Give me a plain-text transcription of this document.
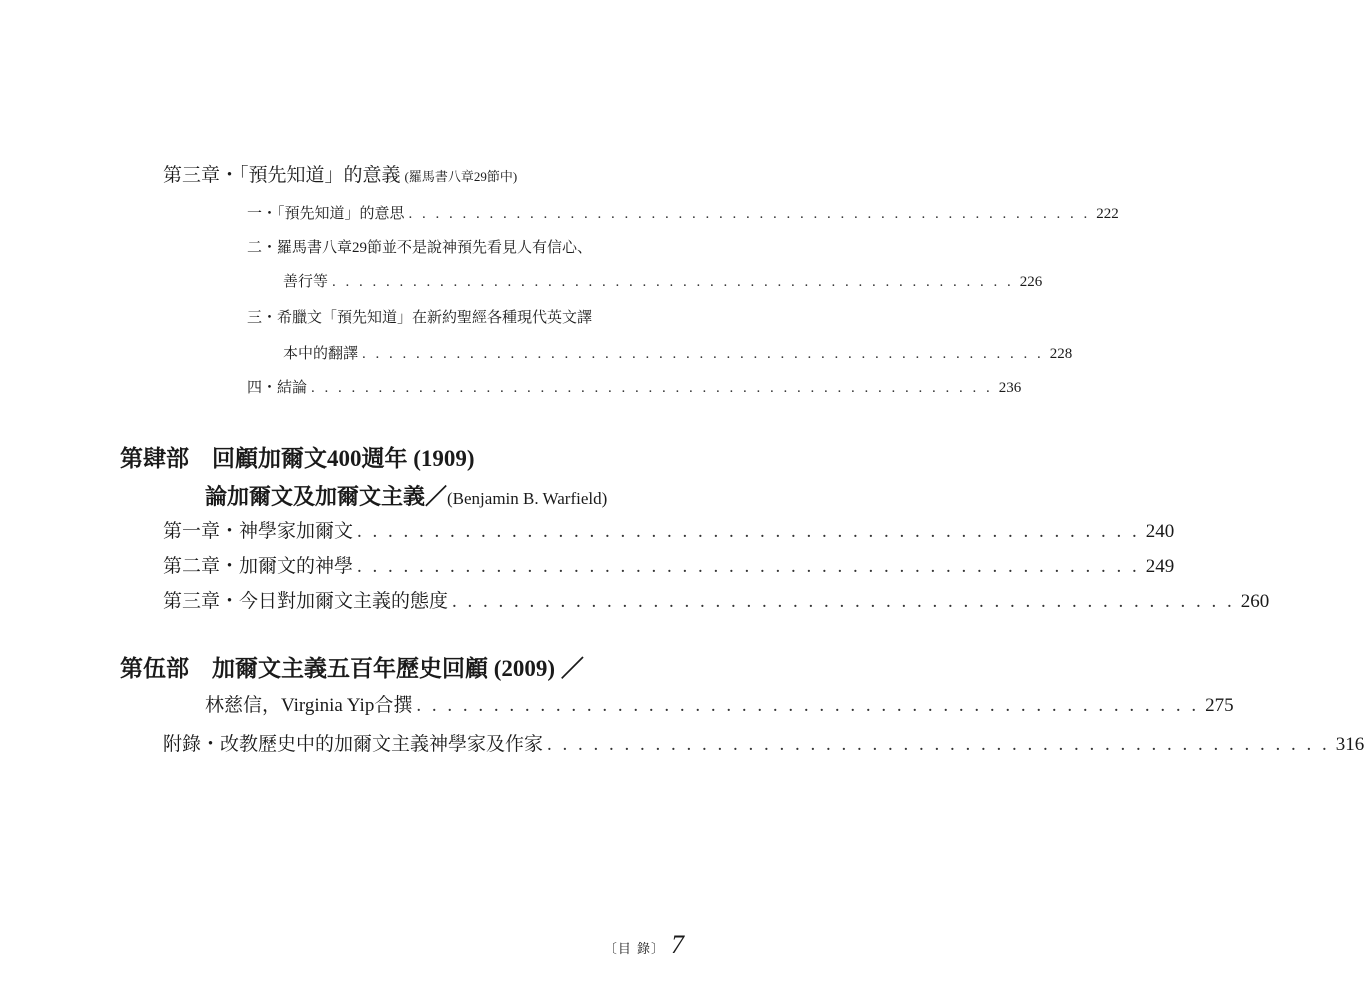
第三章・「預先知道」的意義 (羅馬書八章29節中)
一・「預先知道」的意思 . . . . . . . . . . . . . . . . . . . . . . . . . . . . . . . . . . . . . . . . . . . . . . . . . . . 222
二・羅馬書八章29節並不是說神預先看見人有信心、
善行等 . . . . . . . . . . . . . . . . . . . . . . . . . . . . . . . . . . . . . . . . . . . . . . . . . . . 226
三・希臘文「預先知道」在新約聖經各種現代英文譯
本中的翻譯 . . . . . . . . . . . . . . . . . . . . . . . . . . . . . . . . . . . . . . . . . . . . . . . . . . . 228
四・結論 . . . . . . . . . . . . . . . . . . . . . . . . . . . . . . . . . . . . . . . . . . . . . . . . . . . 236
第肆部　回顧加爾文400週年 (1909)
論加爾文及加爾文主義／(Benjamin B. Warfield)
第一章・神學家加爾文 . . . . . . . . . . . . . . . . . . . . . . . . . . . . . . . . . . . . . . . . . . . . . . . . . . . 240
第二章・加爾文的神學 . . . . . . . . . . . . . . . . . . . . . . . . . . . . . . . . . . . . . . . . . . . . . . . . . . . 249
第三章・今日對加爾文主義的態度 . . . . . . . . . . . . . . . . . . . . . . . . . . . . . . . . . . . . . . . . . . . . . . . . . . . 260
第伍部　加爾文主義五百年歷史回顧 (2009) ／
林慈信，Virginia Yip合撰 . . . . . . . . . . . . . . . . . . . . . . . . . . . . . . . . . . . . . . . . . . . . . . . . . . . 275
附錄・改教歷史中的加爾文主義神學家及作家 . . . . . . . . . . . . . . . . . . . . . . . . . . . . . . . . . . . . . . . . . . . . . . . . . . . 316
〔目 錄〕 7
